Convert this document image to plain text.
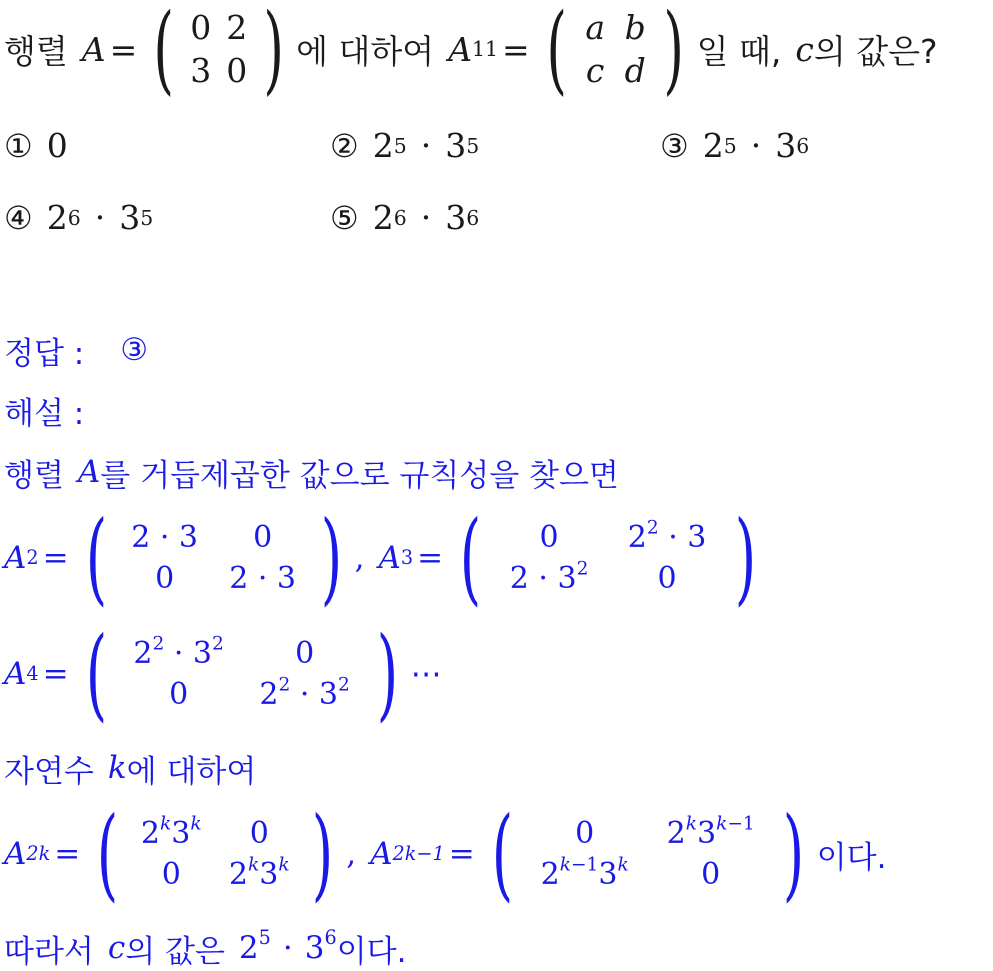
행렬 A = ( 0 2
3 0 ) 에 대하여 A 11 = ( a b
c d ) 일 때, c 의 값은?
① 0	② 2 5 · 3 5	③ 2 5 · 3 6
④ 2 6 · 3 5	⑤ 2 6 · 3 6
정답 : ③
해설 :
행렬 A 를 거듭제곱한 값으로 규칙성을 찾으면
A 2 = ( 2 · 3	0
0	2 · 3 ) , A 3 = (	0	$2^2 \cdot 3$
$2 \cdot 3^2$	0 )
A 4 = ( $2^2 \cdot 3^2$	0
0	$2^2 \cdot 3^2$ ) ⋯
자연수 k 에 대하여
A 2k = ( 2$^k$3$^k$	0
0	2$^k$3$^k$ ) , A 2k−1 = (	0	$2^k3^{k-1}$
$2^{k-1}3^k$	0 ) 이다.
따라서 c 의 값은 $2^5 \cdot 3^6$ 이다.
